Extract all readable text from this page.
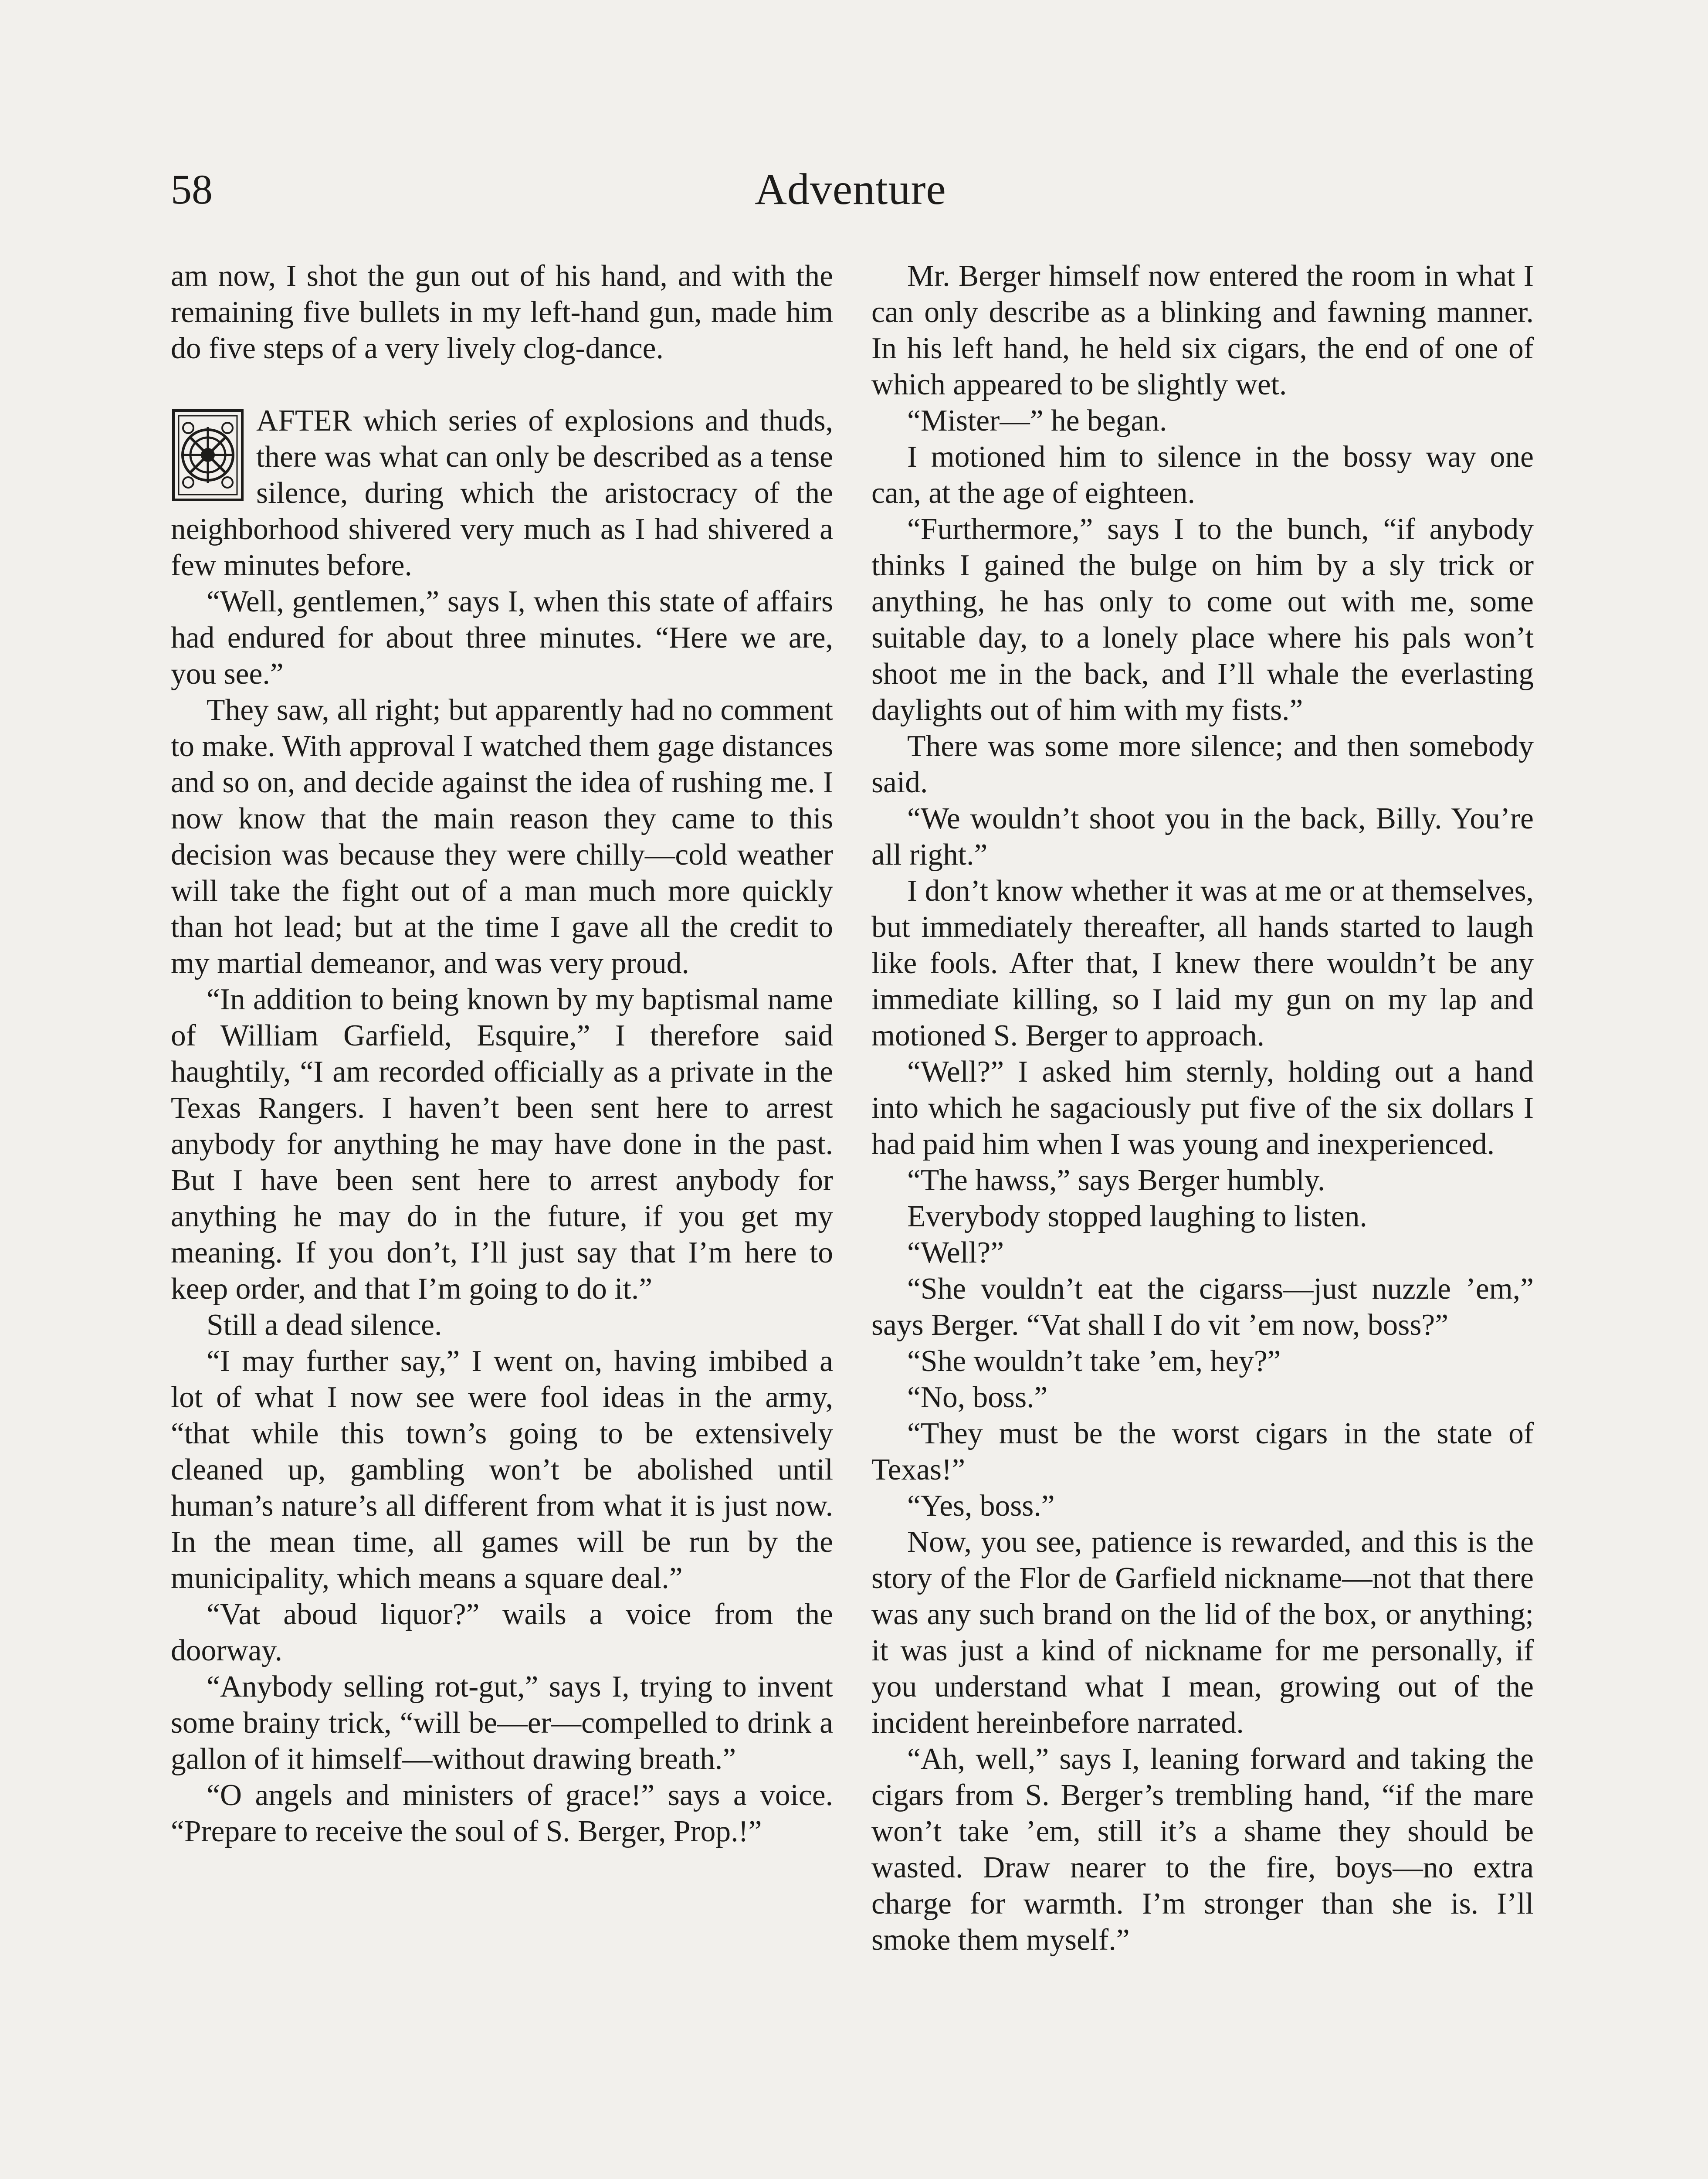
58	Adventure

am now, I shot the gun out of his hand, and with the remaining five bullets in my left-hand gun, made him do five steps of a very lively clog-dance.

AFTER which series of explosions and thuds, there was what can only be described as a tense silence, during which the aristocracy of the neighborhood shivered very much as I had shivered a few minutes before.

“Well, gentlemen,” says I, when this state of affairs had endured for about three minutes. “Here we are, you see.”

They saw, all right; but apparently had no comment to make. With approval I watched them gage distances and so on, and decide against the idea of rushing me. I now know that the main reason they came to this decision was because they were chilly—cold weather will take the fight out of a man much more quickly than hot lead; but at the time I gave all the credit to my martial demeanor, and was very proud.

“In addition to being known by my baptismal name of William Garfield, Esquire,” I therefore said haughtily, “I am recorded officially as a private in the Texas Rangers. I haven’t been sent here to arrest anybody for anything he may have done in the past. But I have been sent here to arrest anybody for anything he may do in the future, if you get my meaning. If you don’t, I’ll just say that I’m here to keep order, and that I’m going to do it.”

Still a dead silence.

“I may further say,” I went on, having imbibed a lot of what I now see were fool ideas in the army, “that while this town’s going to be extensively cleaned up, gambling won’t be abolished until human’s nature’s all different from what it is just now. In the mean time, all games will be run by the municipality, which means a square deal.”

“Vat aboud liquor?” wails a voice from the doorway.

“Anybody selling rot-gut,” says I, trying to invent some brainy trick, “will be—er—compelled to drink a gallon of it himself—without drawing breath.”

“O angels and ministers of grace!” says a voice. “Prepare to receive the soul of S. Berger, Prop.!”

Mr. Berger himself now entered the room in what I can only describe as a blinking and fawning manner. In his left hand, he held six cigars, the end of one of which appeared to be slightly wet.

“Mister—” he began.

I motioned him to silence in the bossy way one can, at the age of eighteen.

“Furthermore,” says I to the bunch, “if anybody thinks I gained the bulge on him by a sly trick or anything, he has only to come out with me, some suitable day, to a lonely place where his pals won’t shoot me in the back, and I’ll whale the everlasting daylights out of him with my fists.”

There was some more silence; and then somebody said.

“We wouldn’t shoot you in the back, Billy. You’re all right.”

I don’t know whether it was at me or at themselves, but immediately thereafter, all hands started to laugh like fools. After that, I knew there wouldn’t be any immediate killing, so I laid my gun on my lap and motioned S. Berger to approach.

“Well?” I asked him sternly, holding out a hand into which he sagaciously put five of the six dollars I had paid him when I was young and inexperienced.

“The hawss,” says Berger humbly.

Everybody stopped laughing to listen.

“Well?”

“She vouldn’t eat the cigarss—just nuzzle ’em,” says Berger. “Vat shall I do vit ’em now, boss?”

“She wouldn’t take ’em, hey?”

“No, boss.”

“They must be the worst cigars in the state of Texas!”

“Yes, boss.”

Now, you see, patience is rewarded, and this is the story of the Flor de Garfield nickname—not that there was any such brand on the lid of the box, or anything; it was just a kind of nickname for me personally, if you understand what I mean, growing out of the incident hereinbefore narrated.

“Ah, well,” says I, leaning forward and taking the cigars from S. Berger’s trembling hand, “if the mare won’t take ’em, still it’s a shame they should be wasted. Draw nearer to the fire, boys—no extra charge for warmth. I’m stronger than she is. I’ll smoke them myself.”
